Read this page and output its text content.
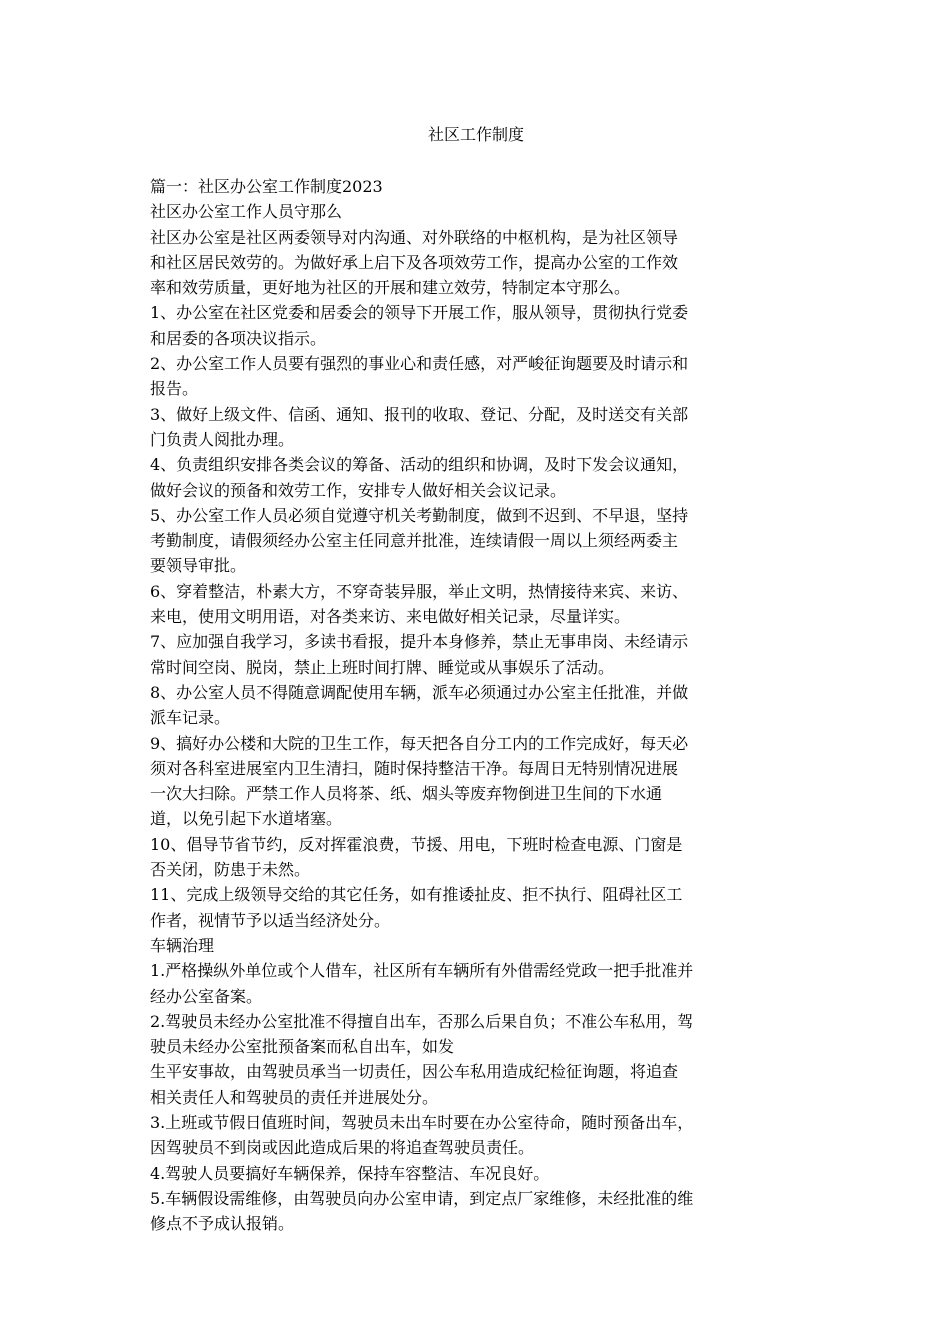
社区工作制度
篇一：社区办公室工作制度2023
社区办公室工作人员守那么
社区办公室是社区两委领导对内沟通、对外联络的中枢机构，是为社区领导
和社区居民效劳的。为做好承上启下及各项效劳工作，提高办公室的工作效
率和效劳质量，更好地为社区的开展和建立效劳，特制定本守那么。
1、办公室在社区党委和居委会的领导下开展工作，服从领导，贯彻执行党委
和居委的各项决议指示。
2、办公室工作人员要有强烈的事业心和责任感，对严峻征询题要及时请示和
报告。
3、做好上级文件、信函、通知、报刊的收取、登记、分配，及时送交有关部
门负责人阅批办理。
4、负责组织安排各类会议的筹备、活动的组织和协调，及时下发会议通知，
做好会议的预备和效劳工作，安排专人做好相关会议记录。
5、办公室工作人员必须自觉遵守机关考勤制度，做到不迟到、不早退，坚持
考勤制度，请假须经办公室主任同意并批准，连续请假一周以上须经两委主
要领导审批。
6、穿着整洁，朴素大方，不穿奇装异服，举止文明，热情接待来宾、来访、
来电，使用文明用语，对各类来访、来电做好相关记录，尽量详实。
7、应加强自我学习，多读书看报，提升本身修养，禁止无事串岗、未经请示
常时间空岗、脱岗，禁止上班时间打牌、睡觉或从事娱乐了活动。
8、办公室人员不得随意调配使用车辆，派车必须通过办公室主任批准，并做
派车记录。
9、搞好办公楼和大院的卫生工作，每天把各自分工内的工作完成好，每天必
须对各科室进展室内卫生清扫，随时保持整洁干净。每周日无特别情况进展
一次大扫除。严禁工作人员将茶、纸、烟头等废弃物倒进卫生间的下水通
道，以免引起下水道堵塞。
10、倡导节省节约，反对挥霍浪费，节援、用电，下班时检查电源、门窗是
否关闭，防患于未然。
11、完成上级领导交给的其它任务，如有推诿扯皮、拒不执行、阻碍社区工
作者，视情节予以适当经济处分。
车辆治理
1.严格操纵外单位或个人借车，社区所有车辆所有外借需经党政一把手批准并
经办公室备案。
2.驾驶员未经办公室批准不得擅自出车，否那么后果自负；不准公车私用，驾
驶员未经办公室批预备案而私自出车，如发
生平安事故，由驾驶员承当一切责任，因公车私用造成纪检征询题，将追查
相关责任人和驾驶员的责任并进展处分。
3.上班或节假日值班时间，驾驶员未出车时要在办公室待命，随时预备出车，
因驾驶员不到岗或因此造成后果的将追查驾驶员责任。
4.驾驶人员要搞好车辆保养，保持车容整洁、车况良好。
5.车辆假设需维修，由驾驶员向办公室申请，到定点厂家维修，未经批准的维
修点不予成认报销。
